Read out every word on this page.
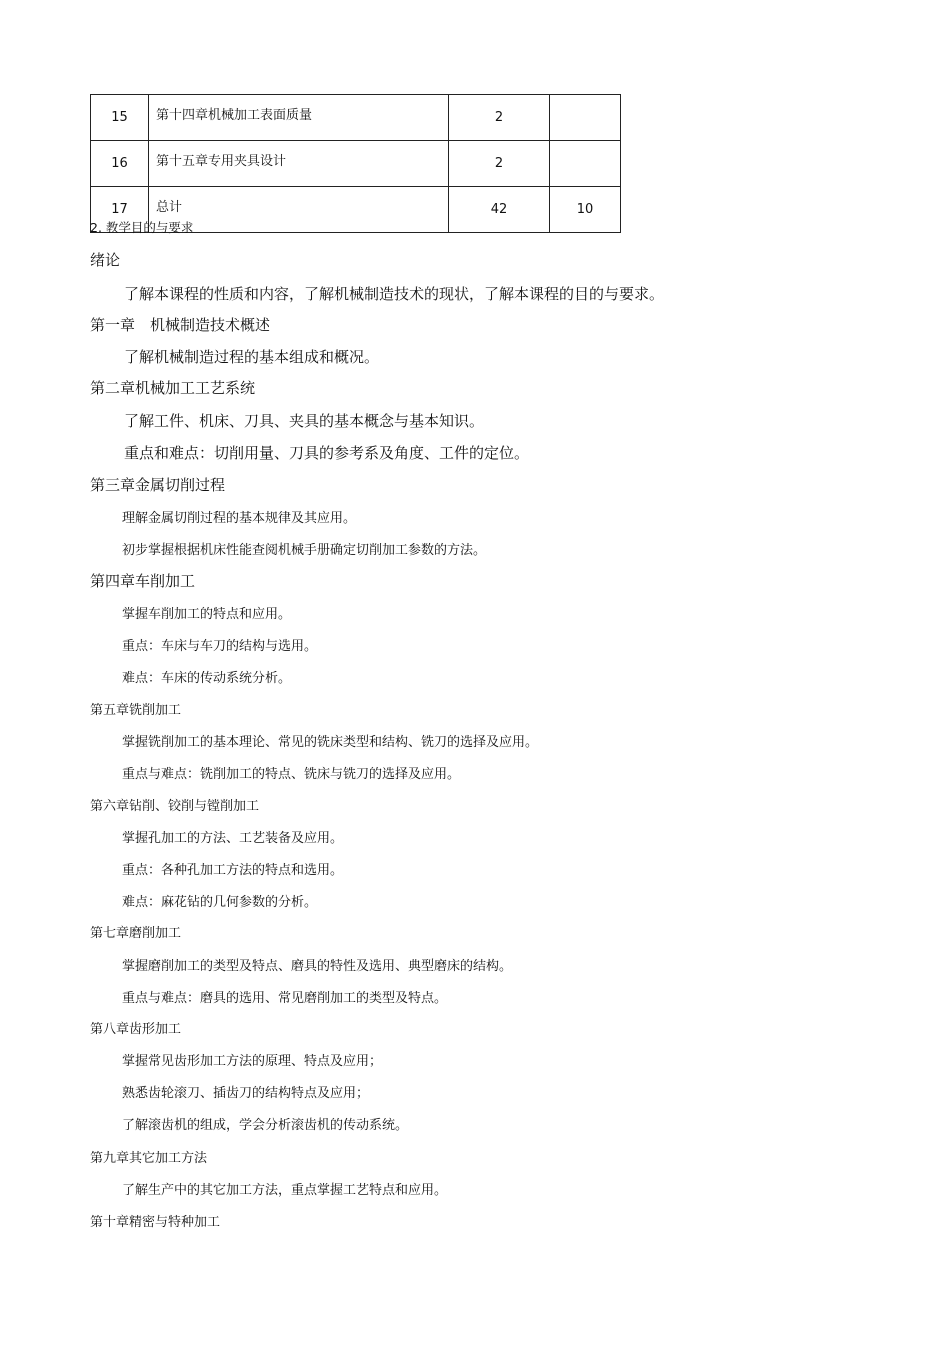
15	第十四章机械加工表面质量	2	
16	第十五章专用夹具设计	2	
17	总计	42	10
2. 教学目的与要求
绪论
了解本课程的性质和内容，了解机械制造技术的现状，了解本课程的目的与要求。
第一章　机械制造技术概述
了解机械制造过程的基本组成和概况。
第二章机械加工工艺系统
了解工件、机床、刀具、夹具的基本概念与基本知识。
重点和难点：切削用量、刀具的参考系及角度、工件的定位。
第三章金属切削过程
理解金属切削过程的基本规律及其应用。
初步掌握根据机床性能查阅机械手册确定切削加工参数的方法。
第四章车削加工
掌握车削加工的特点和应用。
重点：车床与车刀的结构与选用。
难点：车床的传动系统分析。
第五章铣削加工
掌握铣削加工的基本理论、常见的铣床类型和结构、铣刀的选择及应用。
重点与难点：铣削加工的特点、铣床与铣刀的选择及应用。
第六章钻削、铰削与镗削加工
掌握孔加工的方法、工艺装备及应用。
重点：各种孔加工方法的特点和选用。
难点：麻花钻的几何参数的分析。
第七章磨削加工
掌握磨削加工的类型及特点、磨具的特性及选用、典型磨床的结构。
重点与难点：磨具的选用、常见磨削加工的类型及特点。
第八章齿形加工
掌握常见齿形加工方法的原理、特点及应用；
熟悉齿轮滚刀、插齿刀的结构特点及应用；
了解滚齿机的组成，学会分析滚齿机的传动系统。
第九章其它加工方法
了解生产中的其它加工方法，重点掌握工艺特点和应用。
第十章精密与特种加工
